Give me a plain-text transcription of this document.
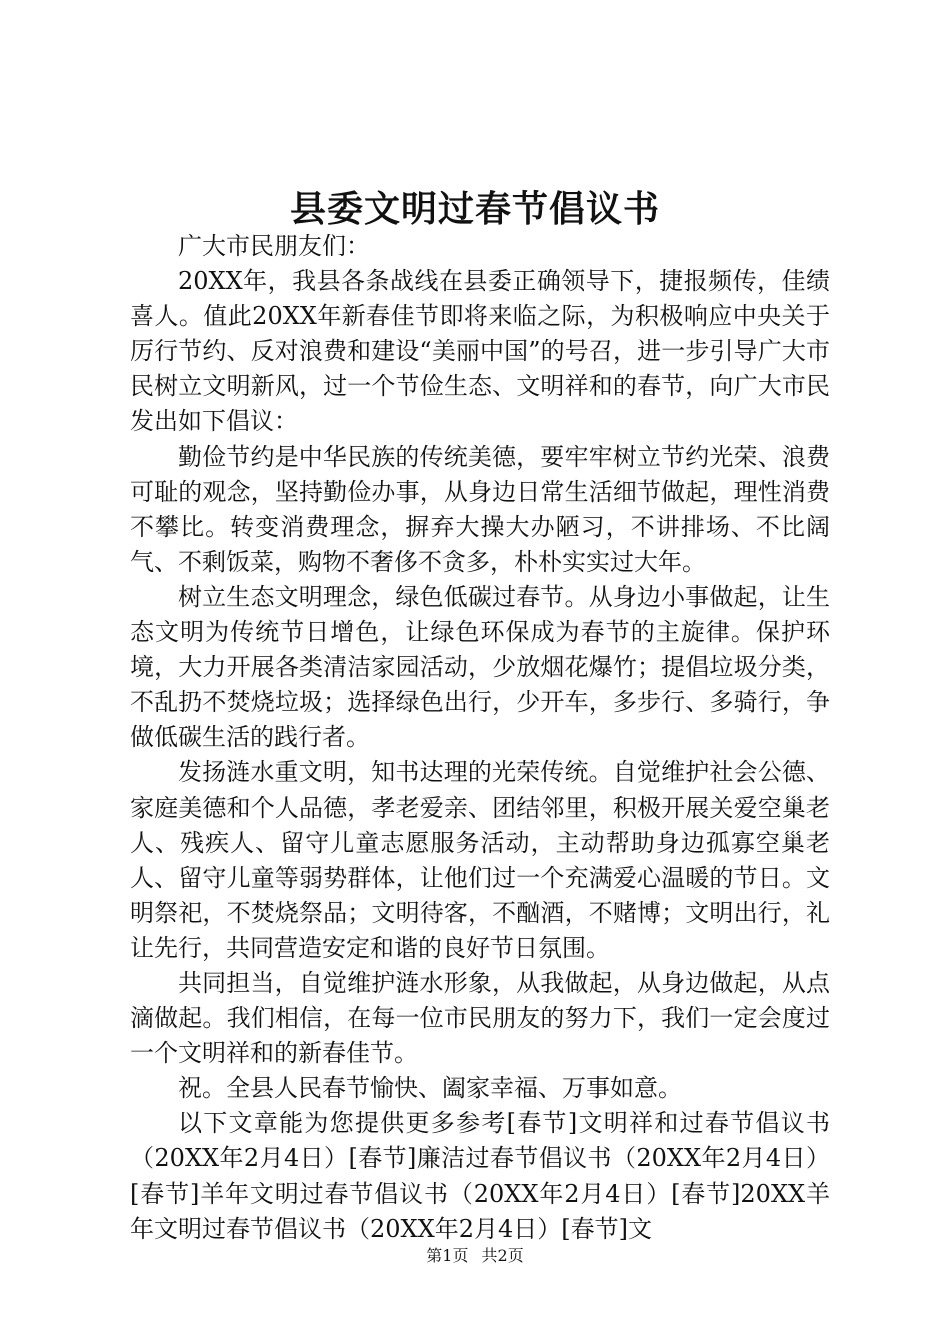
县委文明过春节倡议书

广大市民朋友们：

20XX年，我县各条战线在县委正确领导下，捷报频传，佳绩喜人。值此20XX年新春佳节即将来临之际，为积极响应中央关于厉行节约、反对浪费和建设“美丽中国”的号召，进一步引导广大市民树立文明新风，过一个节俭生态、文明祥和的春节，向广大市民发出如下倡议：

勤俭节约是中华民族的传统美德，要牢牢树立节约光荣、浪费可耻的观念，坚持勤俭办事，从身边日常生活细节做起，理性消费不攀比。转变消费理念，摒弃大操大办陋习，不讲排场、不比阔气、不剩饭菜，购物不奢侈不贪多，朴朴实实过大年。

树立生态文明理念，绿色低碳过春节。从身边小事做起，让生态文明为传统节日增色，让绿色环保成为春节的主旋律。保护环境，大力开展各类清洁家园活动，少放烟花爆竹；提倡垃圾分类，不乱扔不焚烧垃圾；选择绿色出行，少开车，多步行、多骑行，争做低碳生活的践行者。

发扬涟水重文明，知书达理的光荣传统。自觉维护社会公德、家庭美德和个人品德，孝老爱亲、团结邻里，积极开展关爱空巢老人、残疾人、留守儿童志愿服务活动，主动帮助身边孤寡空巢老人、留守儿童等弱势群体，让他们过一个充满爱心温暖的节日。文明祭祀，不焚烧祭品；文明待客，不酗酒，不赌博；文明出行，礼让先行，共同营造安定和谐的良好节日氛围。

共同担当，自觉维护涟水形象，从我做起，从身边做起，从点滴做起。我们相信，在每一位市民朋友的努力下，我们一定会度过一个文明祥和的新春佳节。

祝。全县人民春节愉快、阖家幸福、万事如意。

以下文章能为您提供更多参考[春节]文明祥和过春节倡议书（20XX年2月4日）[春节]廉洁过春节倡议书（20XX年2月4日）[春节]羊年文明过春节倡议书（20XX年2月4日）[春节]20XX羊年文明过春节倡议书（20XX年2月4日）[春节]文

第1页 共2页
